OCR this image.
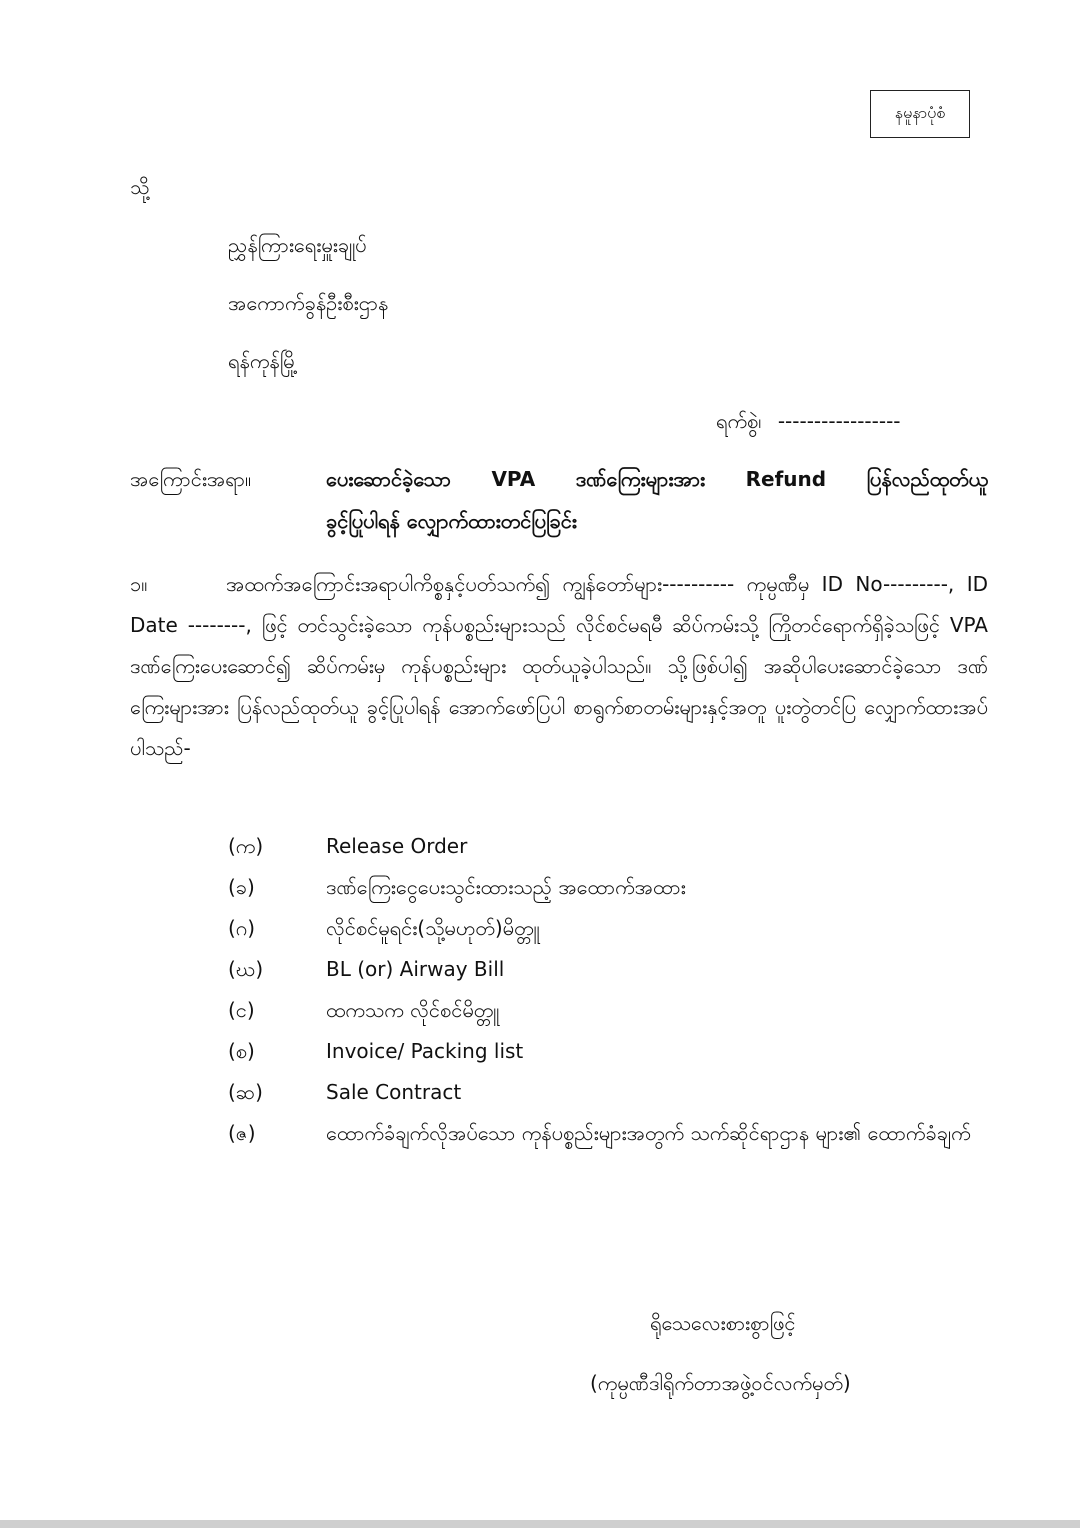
နမူနာပုံစံ
သို့
ညွှန်ကြားရေးမှူးချုပ်
အကောက်ခွန်ဦးစီးဌာန
ရန်ကုန်မြို့
ရက်စွဲ၊ -----------------
အကြောင်းအရာ။	ပေးဆောင်ခဲ့သော VPA ဒဏ်ကြေးများအား Refund ပြန်လည်ထုတ်ယူ
ခွင့်ပြုပါရန် လျှောက်ထားတင်ပြခြင်း
၁။	အထက်အကြောင်းအရာပါကိစ္စနှင့်ပတ်သက်၍ ကျွန်တော်များ---------- ကုမ္ပဏီမှ ID No---------, ID Date --------, ဖြင့် တင်သွင်းခဲ့သော ကုန်ပစ္စည်းများသည် လိုင်စင်မရမီ ဆိပ်ကမ်းသို့ ကြိုတင်ရောက်ရှိခဲ့သဖြင့် VPA ဒဏ်ကြေးပေးဆောင်၍ ဆိပ်ကမ်းမှ ကုန်ပစ္စည်းများ ထုတ်ယူခဲ့ပါသည်။ သို့ဖြစ်ပါ၍ အဆိုပါပေးဆောင်ခဲ့သော ဒဏ်ကြေးများအား ပြန်လည်ထုတ်ယူ ခွင့်ပြုပါရန် အောက်ဖော်ပြပါ စာရွက်စာတမ်းများနှင့်အတူ ပူးတွဲတင်ပြ လျှောက်ထားအပ် ပါသည်-
(က)	Release Order
(ခ)	ဒဏ်ကြေးငွေပေးသွင်းထားသည့် အထောက်အထား
(ဂ)	လိုင်စင်မူရင်း(သို့မဟုတ်)မိတ္တူ
(ဃ)	BL (or) Airway Bill
(င)	ထကသက လိုင်စင်မိတ္တူ
(စ)	Invoice/ Packing list
(ဆ)	Sale Contract
(ဇ)	ထောက်ခံချက်လိုအပ်သော ကုန်ပစ္စည်းများအတွက် သက်ဆိုင်ရာဌာန များ၏ ထောက်ခံချက်
ရိုသေလေးစားစွာဖြင့်
(ကုမ္ပဏီဒါရိုက်တာအဖွဲ့ဝင်လက်မှတ်)
